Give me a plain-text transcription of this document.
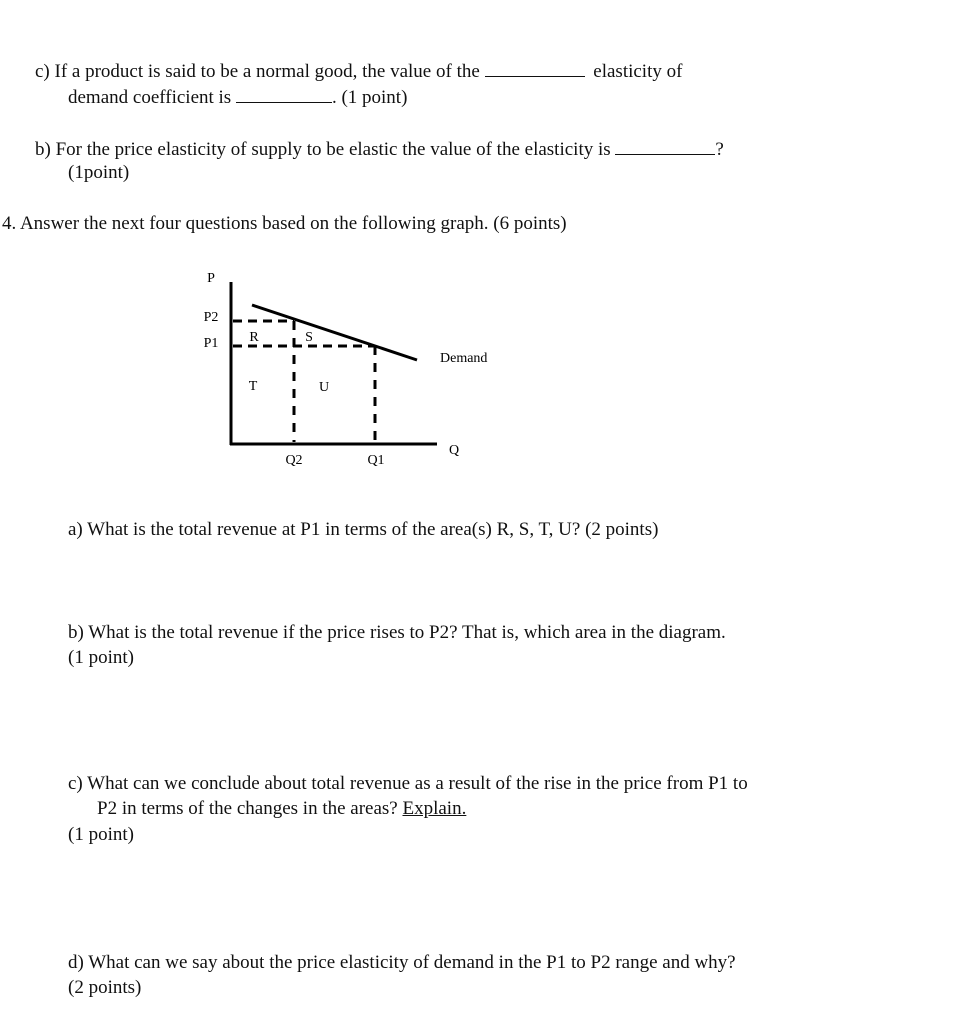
c) If a product is said to be a normal good, the value of the	elasticity of
demand coefficient is	. (1 point)
b) For the price elasticity of supply to be elastic the value of the elasticity is	?
(1point)
4. Answer the next four questions based on the following graph. (6 points)
P
P2
P1
Q2	Q1
Q
Demand
R	S
T	U
a) What is the total revenue at P1 in terms of the area(s) R, S, T, U? (2 points)
b) What is the total revenue if the price rises to P2? That is, which area in the diagram.
(1 point)
c) What can we conclude about total revenue as a result of the rise in the price from P1 to
P2 in terms of the changes in the areas? Explain.
(1 point)
d) What can we say about the price elasticity of demand in the P1 to P2 range and why?
(2 points)
